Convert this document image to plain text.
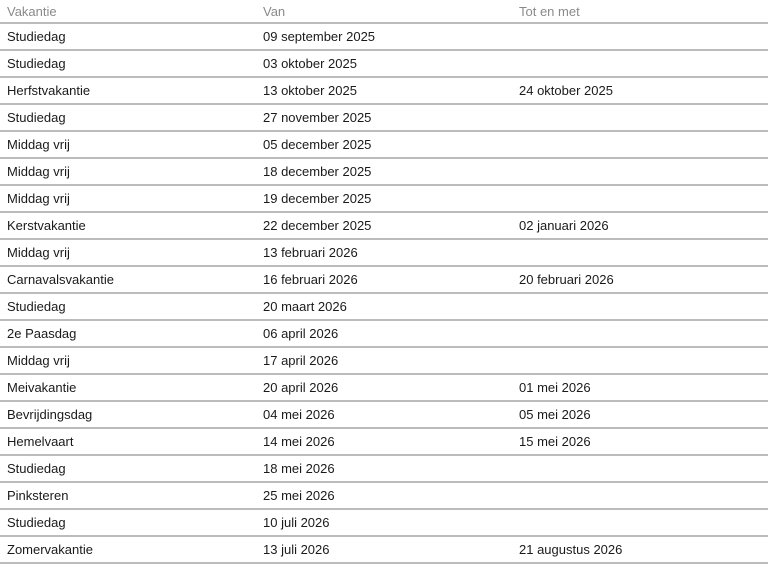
Vakantie	Van	Tot en met
Studiedag	09 september 2025	
Studiedag	03 oktober 2025	
Herfstvakantie	13 oktober 2025	24 oktober 2025
Studiedag	27 november 2025	
Middag vrij	05 december 2025	
Middag vrij	18 december 2025	
Middag vrij	19 december 2025	
Kerstvakantie	22 december 2025	02 januari 2026
Middag vrij	13 februari 2026	
Carnavalsvakantie	16 februari 2026	20 februari 2026
Studiedag	20 maart 2026	
2e Paasdag	06 april 2026	
Middag vrij	17 april 2026	
Meivakantie	20 april 2026	01 mei 2026
Bevrijdingsdag	04 mei 2026	05 mei 2026
Hemelvaart	14 mei 2026	15 mei 2026
Studiedag	18 mei 2026	
Pinksteren	25 mei 2026	
Studiedag	10 juli 2026	
Zomervakantie	13 juli 2026	21 augustus 2026
